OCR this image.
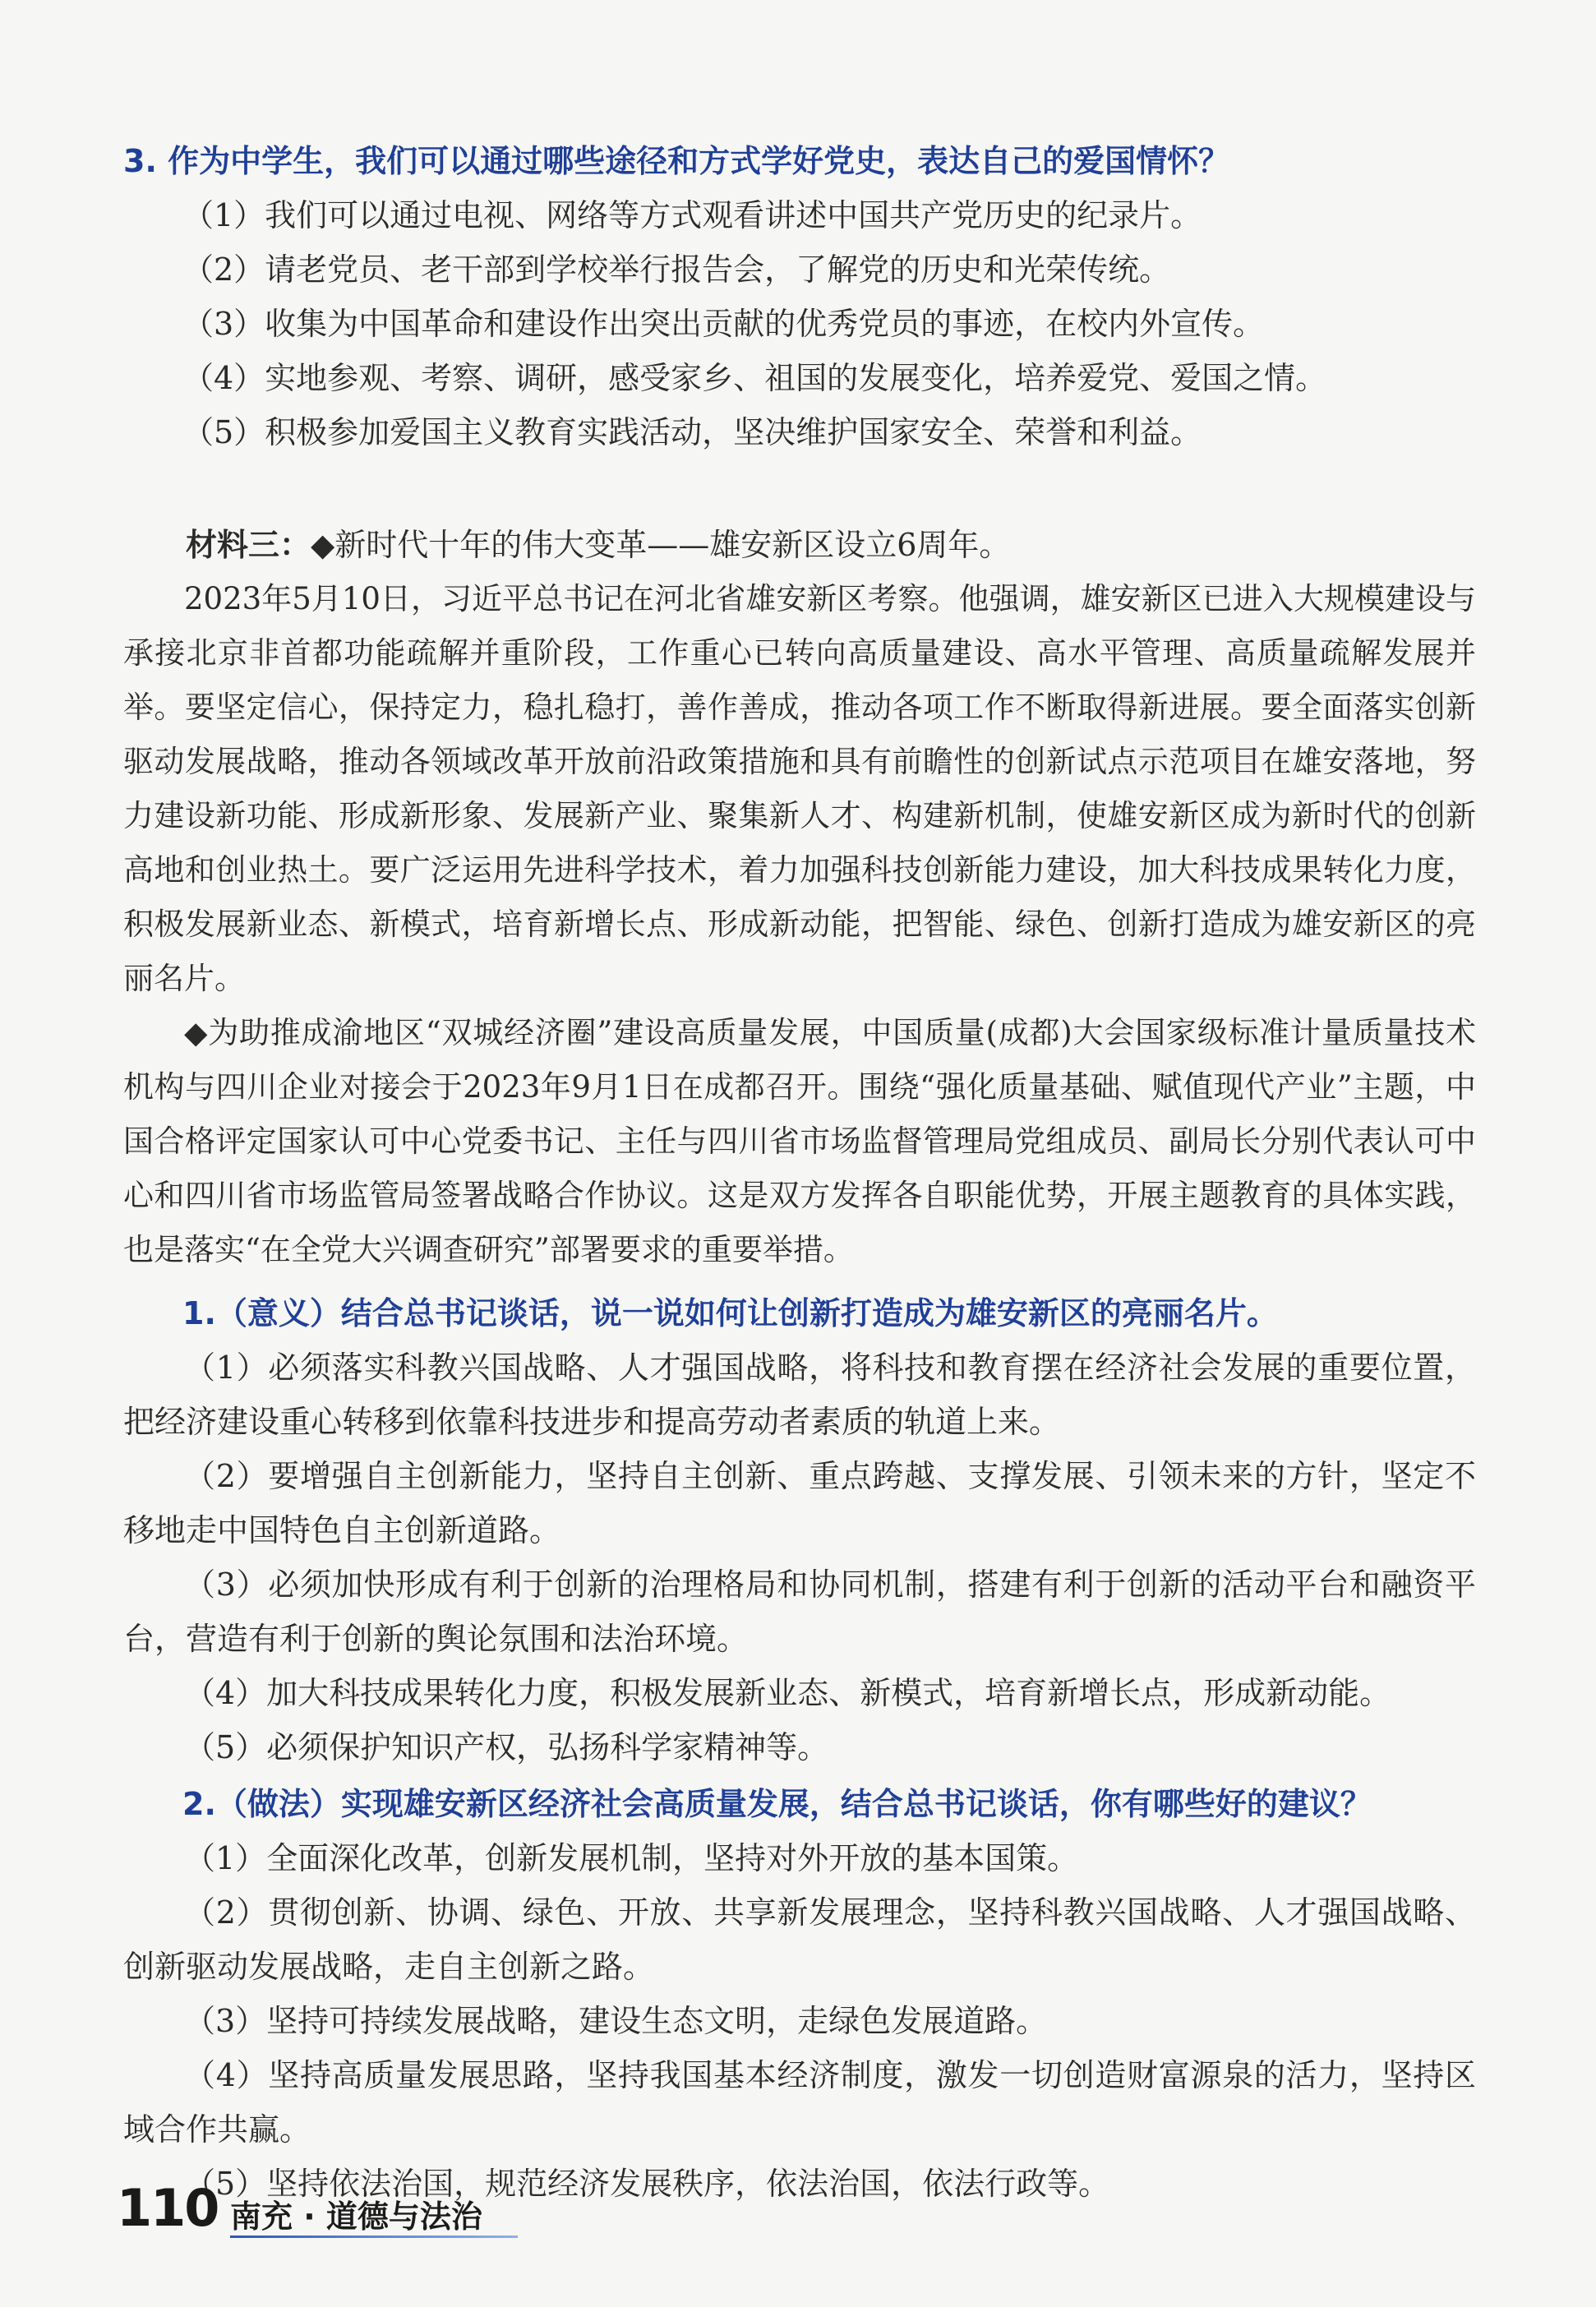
3. 作为中学生，我们可以通过哪些途径和方式学好党史，表达自己的爱国情怀？
（1）我们可以通过电视、网络等方式观看讲述中国共产党历史的纪录片。
（2）请老党员、老干部到学校举行报告会，了解党的历史和光荣传统。
（3）收集为中国革命和建设作出突出贡献的优秀党员的事迹，在校内外宣传。
（4）实地参观、考察、调研，感受家乡、祖国的发展变化，培养爱党、爱国之情。
（5）积极参加爱国主义教育实践活动，坚决维护国家安全、荣誉和利益。
材料三：◆新时代十年的伟大变革——雄安新区设立6周年。
2023年5月10日，习近平总书记在河北省雄安新区考察。他强调，雄安新区已进入大规模建设与承接北京非首都功能疏解并重阶段，工作重心已转向高质量建设、高水平管理、高质量疏解发展并举。要坚定信心，保持定力，稳扎稳打，善作善成，推动各项工作不断取得新进展。要全面落实创新驱动发展战略，推动各领域改革开放前沿政策措施和具有前瞻性的创新试点示范项目在雄安落地，努力建设新功能、形成新形象、发展新产业、聚集新人才、构建新机制，使雄安新区成为新时代的创新高地和创业热土。要广泛运用先进科学技术，着力加强科技创新能力建设，加大科技成果转化力度，积极发展新业态、新模式，培育新增长点、形成新动能，把智能、绿色、创新打造成为雄安新区的亮丽名片。
◆为助推成渝地区“双城经济圈”建设高质量发展，中国质量(成都)大会国家级标准计量质量技术机构与四川企业对接会于2023年9月1日在成都召开。围绕“强化质量基础、赋值现代产业”主题，中国合格评定国家认可中心党委书记、主任与四川省市场监督管理局党组成员、副局长分别代表认可中心和四川省市场监管局签署战略合作协议。这是双方发挥各自职能优势，开展主题教育的具体实践，也是落实“在全党大兴调查研究”部署要求的重要举措。
1.（意义）结合总书记谈话，说一说如何让创新打造成为雄安新区的亮丽名片。
（1）必须落实科教兴国战略、人才强国战略，将科技和教育摆在经济社会发展的重要位置，把经济建设重心转移到依靠科技进步和提高劳动者素质的轨道上来。
（2）要增强自主创新能力，坚持自主创新、重点跨越、支撑发展、引领未来的方针，坚定不移地走中国特色自主创新道路。
（3）必须加快形成有利于创新的治理格局和协同机制，搭建有利于创新的活动平台和融资平台，营造有利于创新的舆论氛围和法治环境。
（4）加大科技成果转化力度，积极发展新业态、新模式，培育新增长点，形成新动能。
（5）必须保护知识产权，弘扬科学家精神等。
2.（做法）实现雄安新区经济社会高质量发展，结合总书记谈话，你有哪些好的建议？
（1）全面深化改革，创新发展机制，坚持对外开放的基本国策。
（2）贯彻创新、协调、绿色、开放、共享新发展理念，坚持科教兴国战略、人才强国战略、创新驱动发展战略，走自主创新之路。
（3）坚持可持续发展战略，建设生态文明，走绿色发展道路。
（4）坚持高质量发展思路，坚持我国基本经济制度，激发一切创造财富源泉的活力，坚持区域合作共赢。
（5）坚持依法治国，规范经济发展秩序，依法治国，依法行政等。
110 南充 · 道德与法治
